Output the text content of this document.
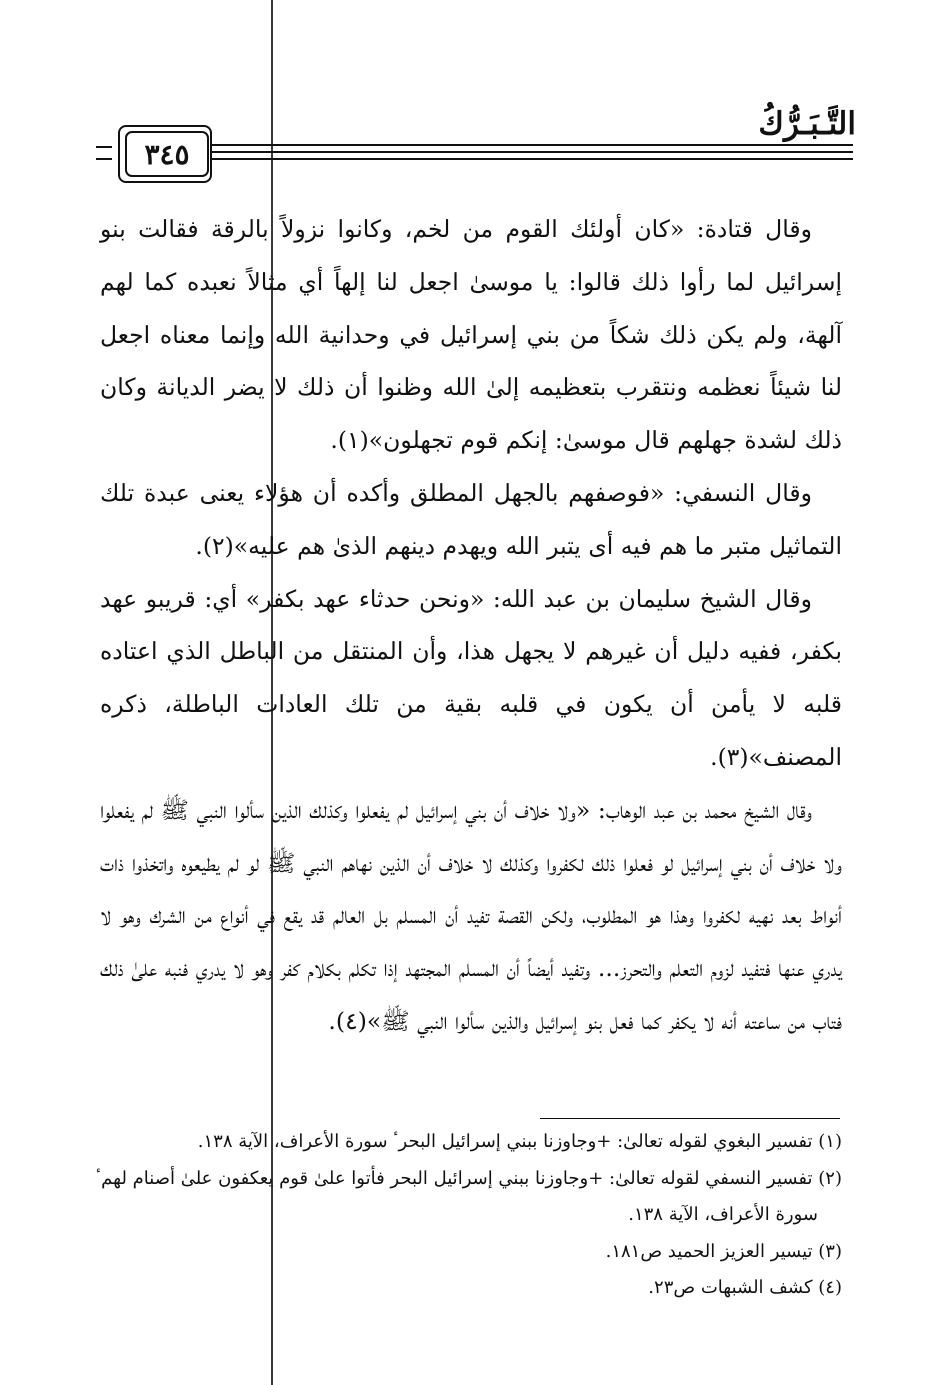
التَّـبَـرُّكُ
٣٤٥

وقال قتادة: «كان أولئك القوم من لخم، وكانوا نزولاً بالرقة فقالت بنو إسرائيل لما رأوا ذلك قالوا: يا موسىٰ اجعل لنا إلهاً أي مثالاً نعبده كما لهم آلهة، ولم يكن ذلك شكاً من بني إسرائيل في وحدانية الله وإنما معناه اجعل لنا شيئاً نعظمه ونتقرب بتعظيمه إلىٰ الله وظنوا أن ذلك لا يضر الديانة وكان ذلك لشدة جهلهم قال موسىٰ: إنكم قوم تجهلون»(١).

وقال النسفي: «فوصفهم بالجهل المطلق وأكده أن هؤلاء يعنى عبدة تلك التماثيل متبر ما هم فيه أى يتبر الله ويهدم دينهم الذىٰ هم عليه»(٢).

وقال الشيخ سليمان بن عبد الله: «ونحن حدثاء عهد بكفر» أي: قريبو عهد بكفر، ففيه دليل أن غيرهم لا يجهل هذا، وأن المنتقل من الباطل الذي اعتاده قلبه لا يأمن أن يكون في قلبه بقية من تلك العادات الباطلة، ذكره المصنف»(٣).

وقال الشيخ محمد بن عبد الوهاب: «ولا خلاف أن بني إسرائيل لم يفعلوا وكذلك الذين سألوا النبي ﷺ لم يفعلوا ولا خلاف أن بني إسرائيل لو فعلوا ذلك لكفروا وكذلك لا خلاف أن الذين نهاهم النبي ﷺ لو لم يطيعوه واتخذوا ذات أنواط بعد نهيه لكفروا وهذا هو المطلوب، ولكن القصة تفيد أن المسلم بل العالم قد يقع في أنواع من الشرك وهو لا يدري عنها فتفيد لزوم التعلم والتحرز... وتفيد أيضاً أن المسلم المجتهد إذا تكلم بكلام كفر وهو لا يدري فنبه علىٰ ذلك فتاب من ساعته أنه لا يكفر كما فعل بنو إسرائيل والذين سألوا النبي ﷺ»(٤).

(١) تفسير البغوي لقوله تعالىٰ: +وجاوزنا ببني إسرائيل البحرٴ سورة الأعراف، الآية ١٣٨.

(٢) تفسير النسفي لقوله تعالىٰ: +وجاوزنا ببني إسرائيل البحر فأتوا علىٰ قوم يعكفون علىٰ أصنام لهمٴ

سورة الأعراف، الآية ١٣٨.

(٣) تيسير العزيز الحميد ص١٨١.

(٤) كشف الشبهات ص٢٣.
